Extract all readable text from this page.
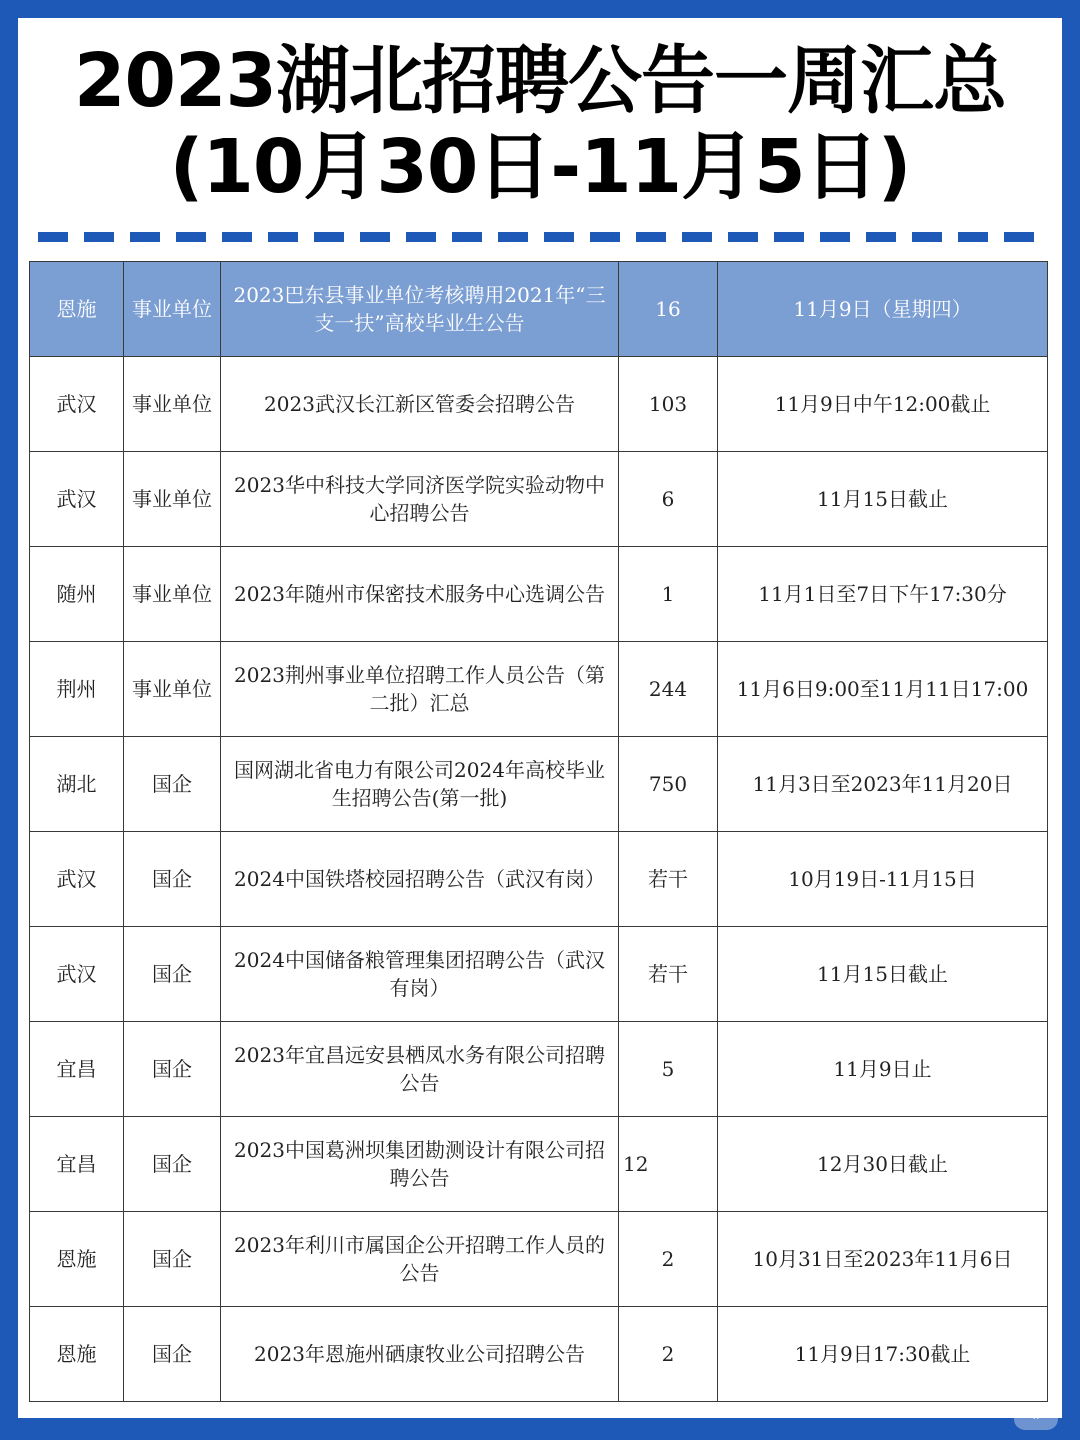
2023湖北招聘公告一周汇总
(10月30日-11月5日)
恩施	事业单位	2023巴东县事业单位考核聘用2021年“三支一扶”高校毕业生公告	16	11月9日（星期四）
武汉	事业单位	2023武汉长江新区管委会招聘公告	103	11月9日中午12:00截止
武汉	事业单位	2023华中科技大学同济医学院实验动物中心招聘公告	6	11月15日截止
随州	事业单位	2023年随州市保密技术服务中心选调公告	1	11月1日至7日下午17:30分
荆州	事业单位	2023荆州事业单位招聘工作人员公告（第二批）汇总	244	11月6日9:00至11月11日17:00
湖北	国企	国网湖北省电力有限公司2024年高校毕业生招聘公告(第一批)	750	11月3日至2023年11月20日
武汉	国企	2024中国铁塔校园招聘公告（武汉有岗）	若干	10月19日-11月15日
武汉	国企	2024中国储备粮管理集团招聘公告（武汉有岗）	若干	11月15日截止
宜昌	国企	2023年宜昌远安县栖凤水务有限公司招聘公告	5	11月9日止
宜昌	国企	2023中国葛洲坝集团勘测设计有限公司招聘公告	12	12月30日截止
恩施	国企	2023年利川市属国企公开招聘工作人员的公告	2	10月31日至2023年11月6日
恩施	国企	2023年恩施州硒康牧业公司招聘公告	2	11月9日17:30截止
··
